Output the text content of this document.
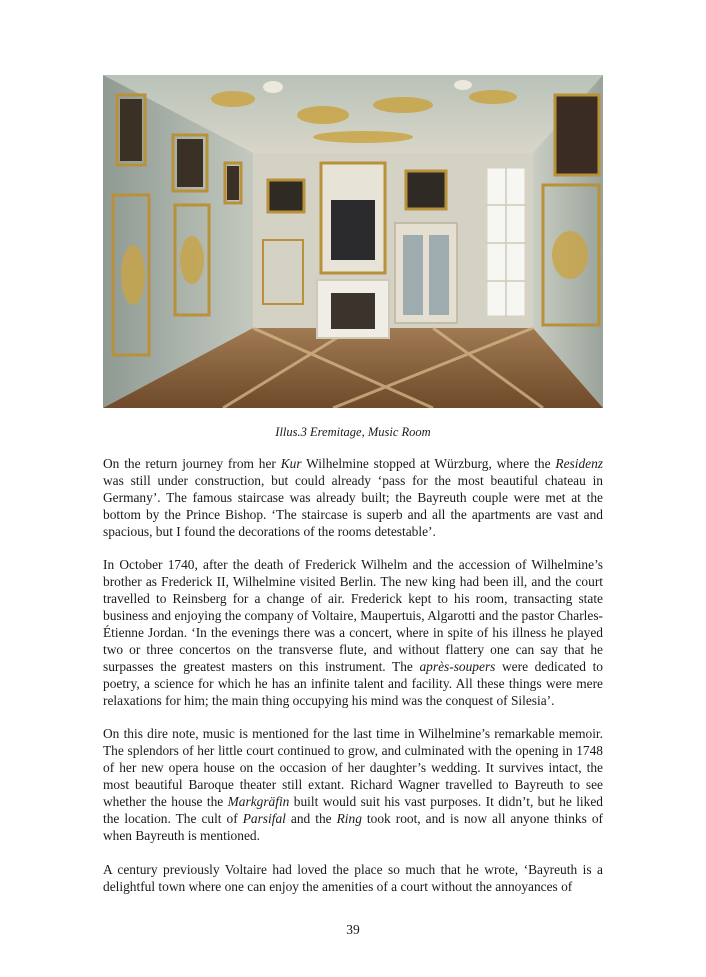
Illus.3 Eremitage, Music Room

On the return journey from her Kur Wilhelmine stopped at Würzburg, where the Residenz was still under construction, but could already ‘pass for the most beautiful chateau in Germany’. The famous staircase was already built; the Bayreuth couple were met at the bottom by the Prince Bishop. ‘The staircase is superb and all the apartments are vast and spacious, but I found the decorations of the rooms detestable’.

In October 1740, after the death of Frederick Wilhelm and the accession of Wilhelmine’s brother as Frederick II, Wilhelmine visited Berlin. The new king had been ill, and the court travelled to Reinsberg for a change of air. Frederick kept to his room, transacting state business and enjoying the company of Voltaire, Maupertuis, Algarotti and the pastor Charles-Étienne Jordan. ‘In the evenings there was a concert, where in spite of his illness he played two or three concertos on the transverse flute, and without flattery one can say that he surpasses the greatest masters on this instrument. The après-soupers were dedicated to poetry, a science for which he has an infinite talent and facility. All these things were mere relaxations for him; the main thing occupying his mind was the conquest of Silesia’.

On this dire note, music is mentioned for the last time in Wilhelmine’s remarkable memoir. The splendors of her little court continued to grow, and culminated with the opening in 1748 of her new opera house on the occasion of her daughter’s wedding. It survives intact, the most beautiful Baroque theater still extant. Richard Wagner travelled to Bayreuth to see whether the house the Markgräfin built would suit his vast purposes. It didn’t, but he liked the location. The cult of Parsifal and the Ring took root, and is now all anyone thinks of when Bayreuth is mentioned.

A century previously Voltaire had loved the place so much that he wrote, ‘Bayreuth is a delightful town where one can enjoy the amenities of a court without the annoyances of

39
